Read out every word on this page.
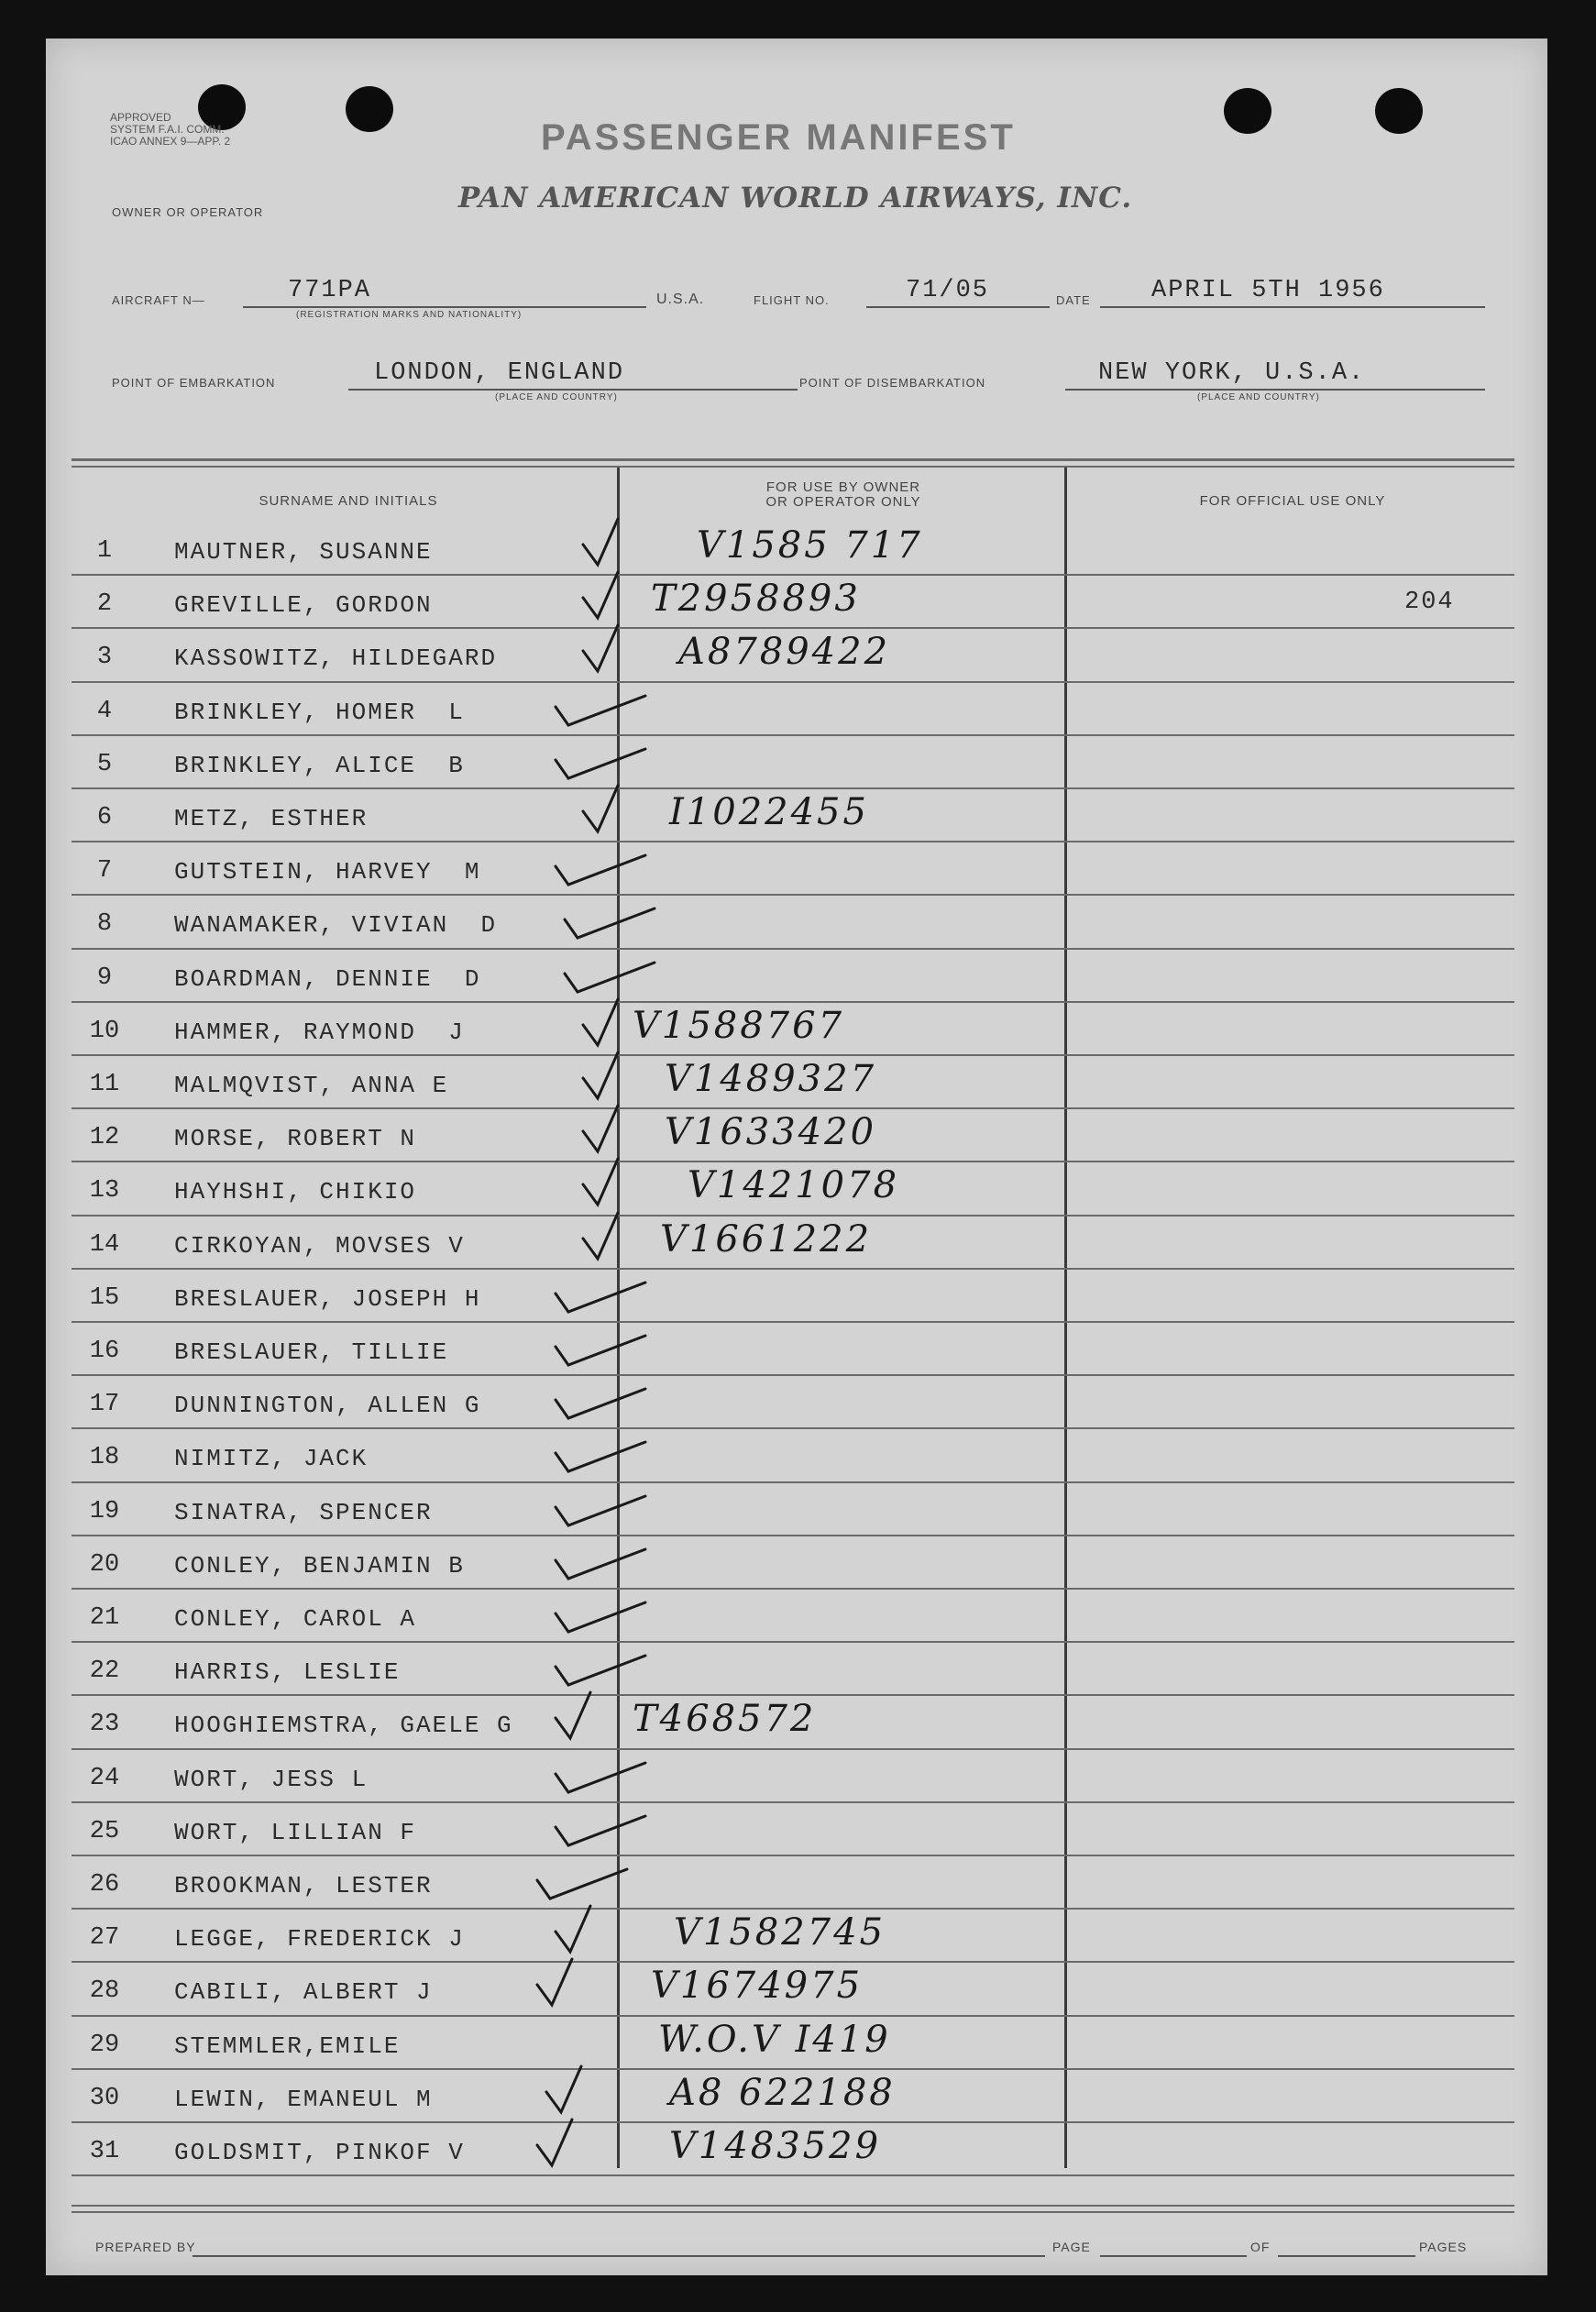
APPROVED
SYSTEM F.A.I. COMM.
ICAO ANNEX 9—APP. 2	PASSENGER MANIFEST
OWNER OR OPERATOR	PAN AMERICAN WORLD AIRWAYS, INC.
AIRCRAFT N—	771PA
(REGISTRATION MARKS AND NATIONALITY)
U.S.A.	FLIGHT NO.	71/05	DATE APRIL 5TH 1956
POINT OF EMBARKATION	LONDON, ENGLAND
(PLACE AND COUNTRY)
POINT OF DISEMBARKATION	NEW YORK, U.S.A.
(PLACE AND COUNTRY)
SURNAME AND INITIALS
FOR USE BY OWNER
OR OPERATOR ONLY	FOR OFFICIAL USE ONLY
1	MAUTNER, SUSANNE	V1585 717
2	GREVILLE, GORDON	T2958893	204
3	KASSOWITZ, HILDEGARD	A8789422
4	BRINKLEY, HOMER  L
5	BRINKLEY, ALICE  B
6	METZ, ESTHER	I1022455
7	GUTSTEIN, HARVEY  M
8	WANAMAKER, VIVIAN  D
9	BOARDMAN, DENNIE  D
10	HAMMER, RAYMOND  J	V1588767
11	MALMQVIST, ANNA E	V1489327
12	MORSE, ROBERT N	V1633420
13	HAYHSHI, CHIKIO	V1421078
14	CIRKOYAN, MOVSES V	V1661222
15	BRESLAUER, JOSEPH H
16	BRESLAUER, TILLIE
17	DUNNINGTON, ALLEN G
18	NIMITZ, JACK
19	SINATRA, SPENCER
20	CONLEY, BENJAMIN B
21	CONLEY, CAROL A
22	HARRIS, LESLIE
23	HOOGHIEMSTRA, GAELE G	T468572
24	WORT, JESS L
25	WORT, LILLIAN F
26	BROOKMAN, LESTER
27	LEGGE, FREDERICK J	V1582745
28	CABILI, ALBERT J	V1674975
29	STEMMLER,EMILE	W.O.V I419
30	LEWIN, EMANEUL M	A8 622188
31	GOLDSMIT, PINKOF V	V1483529
PREPARED BY	PAGE	OF	PAGES
